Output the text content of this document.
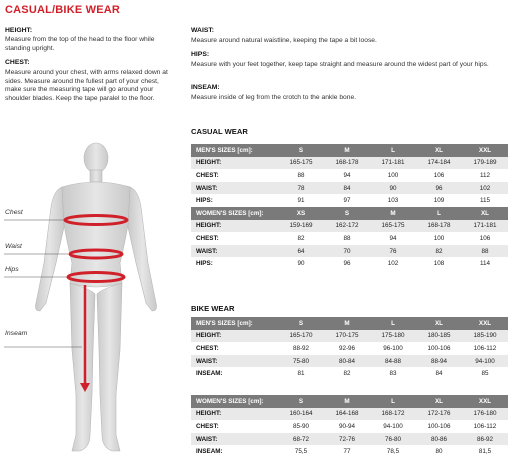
CASUAL/BIKE WEAR
HEIGHT:
Measure from the top of the head to the floor while standing upright.
CHEST:
Measure around your chest, with arms relaxed down at sides. Measure around the fullest part of your chest, make sure the measuring tape will go around your shoulder blades. Keep the tape paralel to the floor.
WAIST:
Measure around natural waistline, keeping the tape a bit loose.
HIPS:
Measure with your feet together, keep tape straight and measure around the widest part of your hips.
INSEAM:
Measure inside of leg from the crotch to the ankle bone.
Chest
Waist
Hips
Inseam
CASUAL WEAR
MEN'S SIZES [cm]:	S	M	L	XL	XXL
HEIGHT:	165-175	168-178	171-181	174-184	179-189
CHEST:	88	94	100	106	112
WAIST:	78	84	90	96	102
HIPS:	91	97	103	109	115
WOMEN'S SIZES [cm]:	XS	S	M	L	XL
HEIGHT:	159-169	162-172	165-175	168-178	171-181
CHEST:	82	88	94	100	106
WAIST:	64	70	76	82	88
HIPS:	90	96	102	108	114
BIKE WEAR
MEN'S SIZES [cm]:	S	M	L	XL	XXL
HEIGHT:	165-170	170-175	175-180	180-185	185-190
CHEST:	88-92	92-96	96-100	100-106	106-112
WAIST:	75-80	80-84	84-88	88-94	94-100
INSEAM:	81	82	83	84	85
WOMEN'S SIZES [cm]:	S	M	L	XL	XXL
HEIGHT:	160-164	164-168	168-172	172-176	176-180
CHEST:	85-90	90-94	94-100	100-106	106-112
WAIST:	68-72	72-76	76-80	80-86	86-92
INSEAM:	75,5	77	78,5	80	81,5
